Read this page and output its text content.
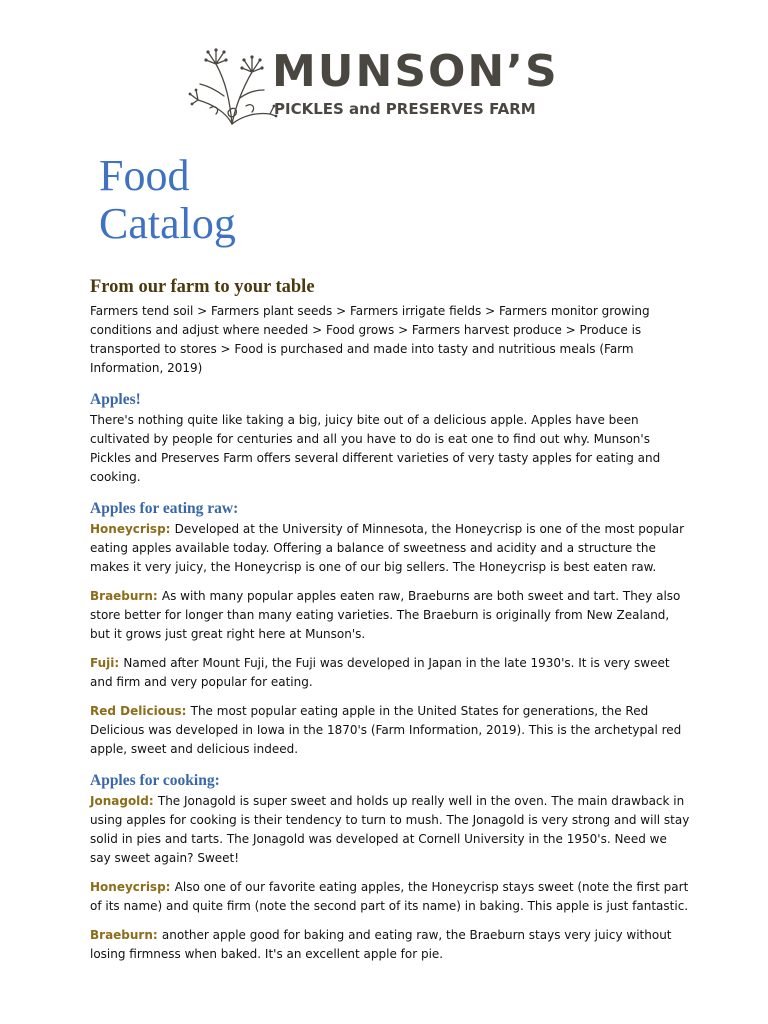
MUNSON’S
PICKLES and PRESERVES FARM
Food
Catalog
From our farm to your table

Farmers tend soil > Farmers plant seeds > Farmers irrigate fields > Farmers monitor growing conditions and adjust where needed > Food grows > Farmers harvest produce > Produce is transported to stores > Food is purchased and made into tasty and nutritious meals (Farm Information, 2019)

Apples!

There's nothing quite like taking a big, juicy bite out of a delicious apple. Apples have been cultivated by people for centuries and all you have to do is eat one to find out why. Munson's Pickles and Preserves Farm offers several different varieties of very tasty apples for eating and cooking.

Apples for eating raw:

Honeycrisp: Developed at the University of Minnesota, the Honeycrisp is one of the most popular eating apples available today. Offering a balance of sweetness and acidity and a structure the makes it very juicy, the Honeycrisp is one of our big sellers. The Honeycrisp is best eaten raw.

Braeburn: As with many popular apples eaten raw, Braeburns are both sweet and tart. They also store better for longer than many eating varieties. The Braeburn is originally from New Zealand, but it grows just great right here at Munson's.

Fuji: Named after Mount Fuji, the Fuji was developed in Japan in the late 1930's. It is very sweet and firm and very popular for eating.

Red Delicious: The most popular eating apple in the United States for generations, the Red Delicious was developed in Iowa in the 1870's (Farm Information, 2019). This is the archetypal red apple, sweet and delicious indeed.

Apples for cooking:

Jonagold: The Jonagold is super sweet and holds up really well in the oven. The main drawback in using apples for cooking is their tendency to turn to mush. The Jonagold is very strong and will stay solid in pies and tarts. The Jonagold was developed at Cornell University in the 1950's. Need we say sweet again? Sweet!

Honeycrisp: Also one of our favorite eating apples, the Honeycrisp stays sweet (note the first part of its name) and quite firm (note the second part of its name) in baking. This apple is just fantastic.

Braeburn: another apple good for baking and eating raw, the Braeburn stays very juicy without losing firmness when baked. It's an excellent apple for pie.
